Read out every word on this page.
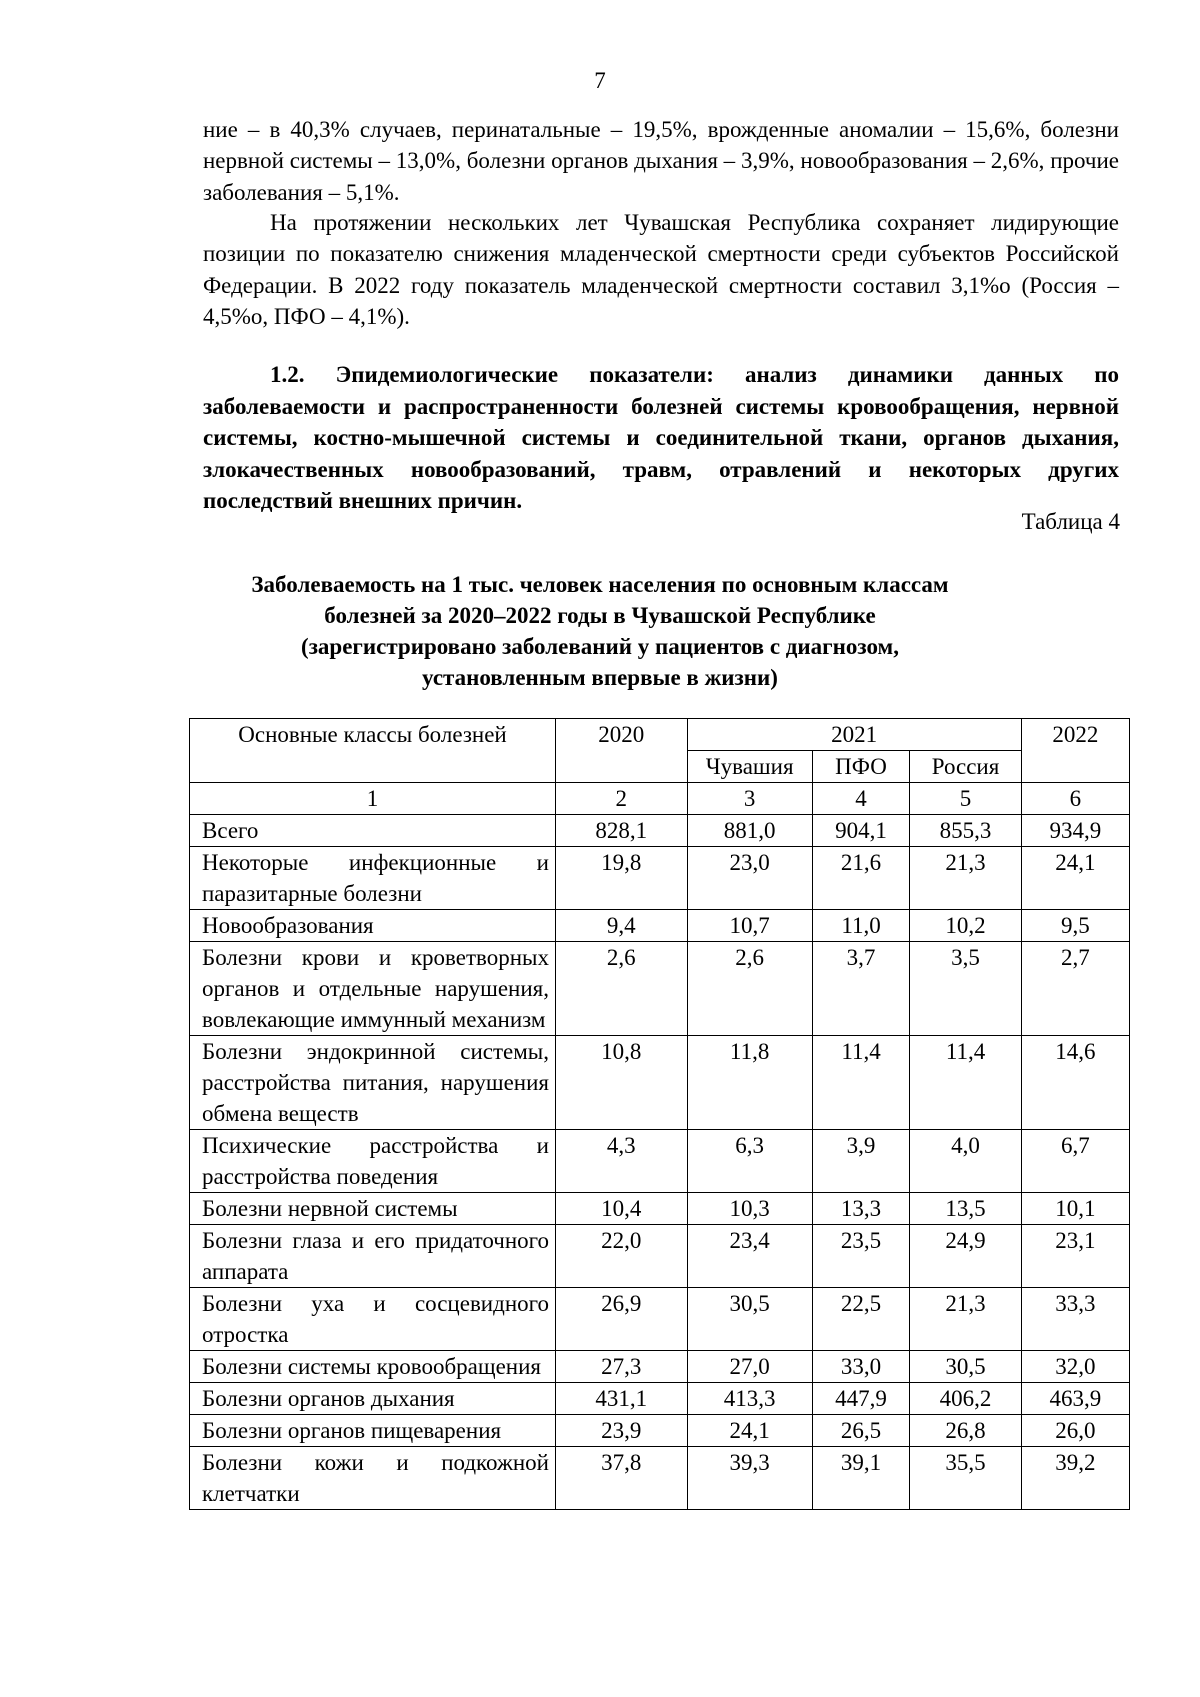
7

ние – в 40,3% случаев, перинатальные – 19,5%, врожденные аномалии – 15,6%, болезни нервной системы – 13,0%, болезни органов дыхания – 3,9%, новообразования – 2,6%, прочие заболевания – 5,1%.

На протяжении нескольких лет Чувашская Республика сохраняет лидирующие позиции по показателю снижения младенческой смертности среди субъектов Российской Федерации. В 2022 году показатель младенческой смертности составил 3,1%о (Россия – 4,5%о, ПФО – 4,1%).

1.2. Эпидемиологические показатели: анализ динамики данных по заболеваемости и распространенности болезней системы кровообращения, нервной системы, костно-мышечной системы и соединительной ткани, органов дыхания, злокачественных новообразований, травм, отравлений и некоторых других последствий внешних причин.

Таблица 4
Заболеваемость на 1 тыс. человек населения по основным классам
болезней за 2020–2022 годы в Чувашской Республике
(зарегистрировано заболеваний у пациентов с диагнозом,
установленным впервые в жизни)
Основные классы болезней	2020	2021			2022
		Чувашия	ПФО	Россия	
1	2	3	4	5	6
Всего	828,1	881,0	904,1	855,3	934,9
Некоторые инфекционные и паразитарные болезни	19,8	23,0	21,6	21,3	24,1
Новообразования	9,4	10,7	11,0	10,2	9,5
Болезни крови и кроветворных органов и отдельные нарушения, вовлекающие иммунный механизм	2,6	2,6	3,7	3,5	2,7
Болезни эндокринной системы, расстройства питания, нарушения обмена веществ	10,8	11,8	11,4	11,4	14,6
Психические расстройства и расстройства поведения	4,3	6,3	3,9	4,0	6,7
Болезни нервной системы	10,4	10,3	13,3	13,5	10,1
Болезни глаза и его придаточного аппарата	22,0	23,4	23,5	24,9	23,1
Болезни уха и сосцевидного отростка	26,9	30,5	22,5	21,3	33,3
Болезни системы кровообращения	27,3	27,0	33,0	30,5	32,0
Болезни органов дыхания	431,1	413,3	447,9	406,2	463,9
Болезни органов пищеварения	23,9	24,1	26,5	26,8	26,0
Болезни кожи и подкожной клетчатки	37,8	39,3	39,1	35,5	39,2
